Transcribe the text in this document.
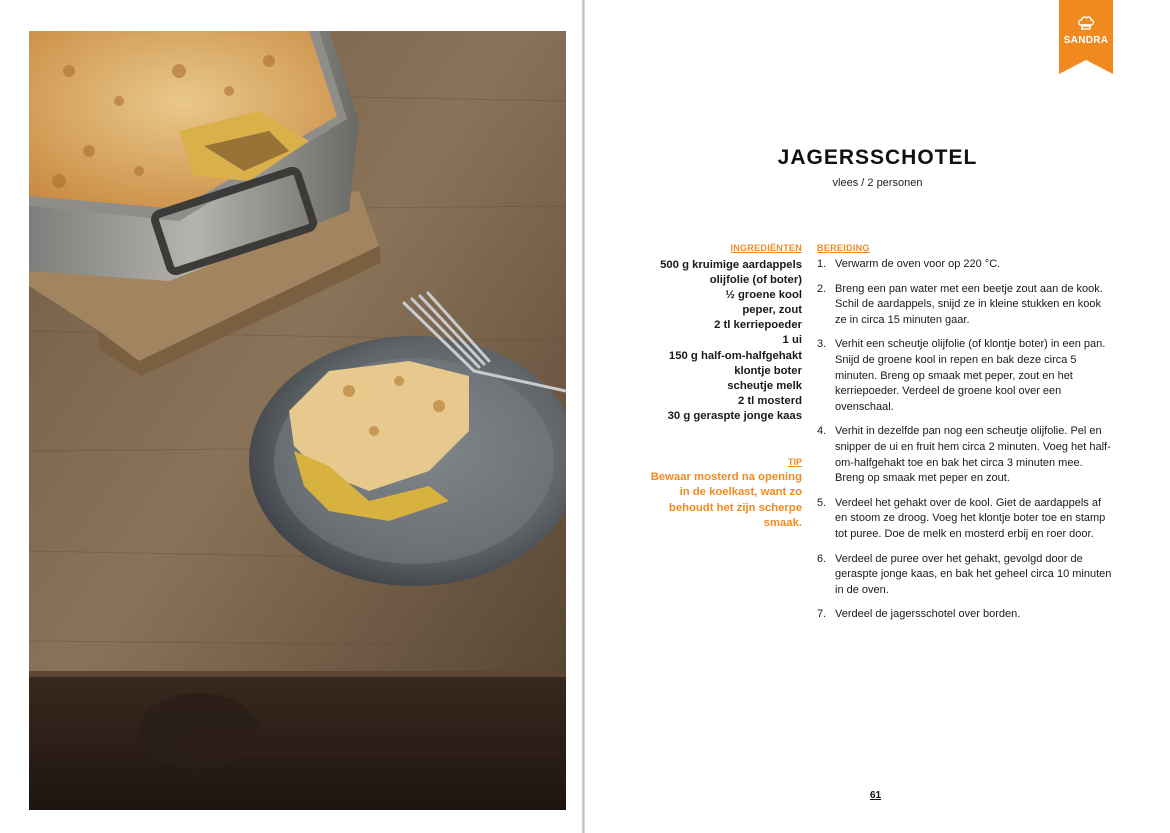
SANDRA
JAGERSSCHOTEL
vlees / 2 personen
INGREDIËNTEN
500 g kruimige aardappels
olijfolie (of boter)
½ groene kool
peper, zout
2 tl kerriepoeder
1 ui
150 g half-om-halfgehakt
klontje boter
scheutje melk
2 tl mosterd
30 g geraspte jonge kaas
TIP
Bewaar mosterd na opening in de koelkast, want zo behoudt het zijn scherpe smaak.
BEREIDING
1. Verwarm de oven voor op 220 °C.
2. Breng een pan water met een beetje zout aan de kook. Schil de aardappels, snijd ze in kleine stukken en kook ze in circa 15 minuten gaar.
3. Verhit een scheutje olijfolie (of klontje boter) in een pan. Snijd de groene kool in repen en bak deze circa 5 minuten. Breng op smaak met peper, zout en het kerriepoeder. Verdeel de groene kool over een ovenschaal.
4. Verhit in dezelfde pan nog een scheutje olijfolie. Pel en snipper de ui en fruit hem circa 2 minuten. Voeg het half-om-halfgehakt toe en bak het circa 3 minuten mee. Breng op smaak met peper en zout.
5. Verdeel het gehakt over de kool. Giet de aardappels af en stoom ze droog. Voeg het klontje boter toe en stamp tot puree. Doe de melk en mosterd erbij en roer door.
6. Verdeel de puree over het gehakt, gevolgd door de geraspte jonge kaas, en bak het geheel circa 10 minuten in de oven.
7. Verdeel de jagersschotel over borden.
61
